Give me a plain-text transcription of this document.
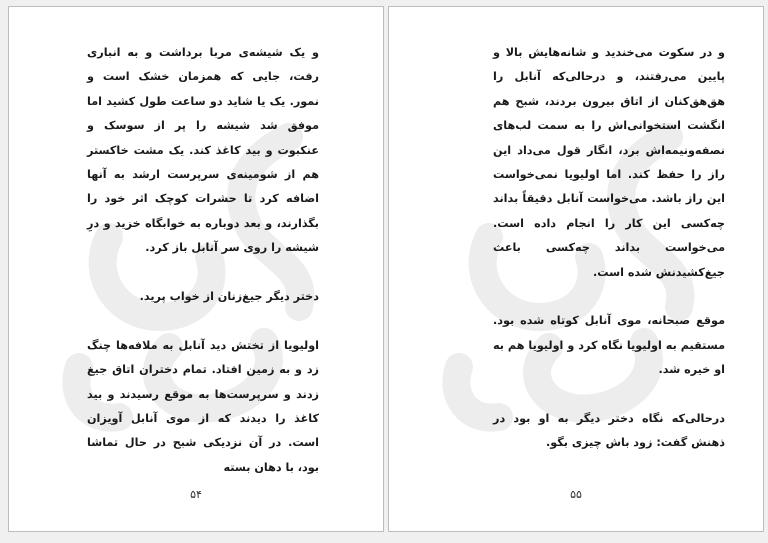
و یک شیشه‌ی مربا برداشت و به انباری رفت، جایی که همزمان خشک است و نمور. یک یا شاید دو ساعت طول کشید اما موفق شد شیشه را پر از سوسک و عنکبوت و بید کاغذ کند. یک مشت خاکستر هم از شومینه‌ی سرپرست ارشد به آنها اضافه کرد تا حشرات کوچک اثر خود را بگذارند، و بعد دوباره به خوابگاه خزید و درِ شیشه را روی سر آنابل باز کرد.

دختر دیگر جیغ‌زنان از خواب پرید.

اولیویا از تختش دید آنابل به ملافه‌ها چنگ زد و به زمین افتاد. تمام دختران اتاق جیغ زدند و سرپرست‌ها به موقع رسیدند و بید کاغذ را دیدند که از موی آنابل آویزان است. در آن نزدیکی شبح در حال تماشا بود، با دهان بسته

۵۴

و در سکوت می‌خندید و شانه‌هایش بالا و پایین می‌رفتند، و درحالی‌که آنابل را هق‌هق‌کنان از اتاق بیرون بردند، شبح هم انگشت استخوانی‌اش را به سمت لب‌های نصفه‌ونیمه‌اش برد، انگار قول می‌داد این راز را حفظ کند. اما اولیویا نمی‌خواست این راز باشد. می‌خواست آنابل دقیقاً بداند چه‌کسی این کار را انجام داده است. می‌خواست بداند چه‌کسی باعث جیغ‌کشیدنش شده است.

موقع صبحانه، موی آنابل کوتاه شده بود. مستقیم به اولیویا نگاه کرد و اولیویا هم به او خیره شد.

درحالی‌که نگاه دختر دیگر به او بود در ذهنش گفت: زود باش چیزی بگو.

۵۵
